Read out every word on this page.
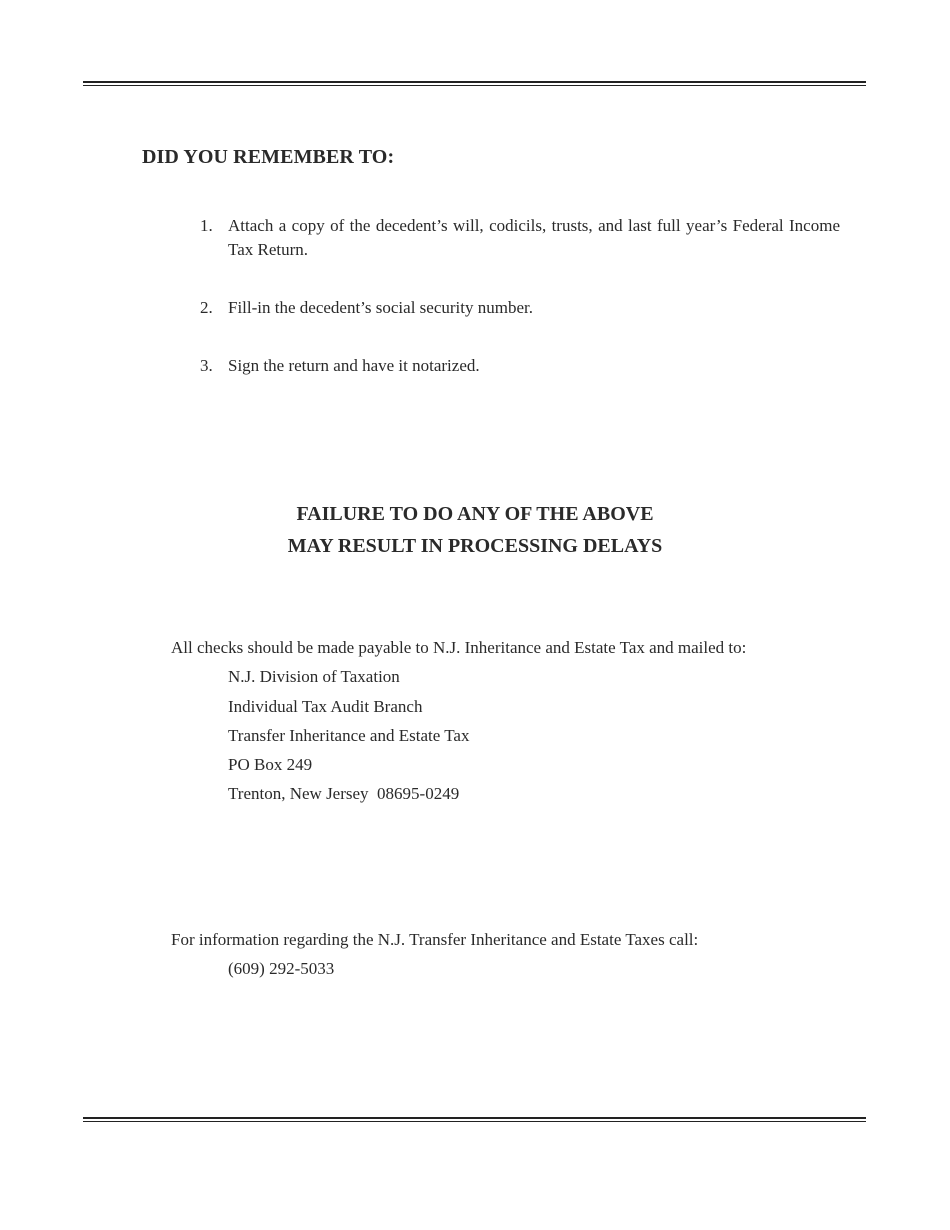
DID YOU REMEMBER TO:
1. Attach a copy of the decedent’s will, codicils, trusts, and last full year’s Federal Income Tax Return.
2. Fill-in the decedent’s social security number.
3. Sign the return and have it notarized.
FAILURE TO DO ANY OF THE ABOVE
MAY RESULT IN PROCESSING DELAYS
All checks should be made payable to N.J. Inheritance and Estate Tax and mailed to:
N.J. Division of Taxation
Individual Tax Audit Branch
Transfer Inheritance and Estate Tax
PO Box 249
Trenton, New Jersey  08695-0249
For information regarding the N.J. Transfer Inheritance and Estate Taxes call:
(609) 292-5033
